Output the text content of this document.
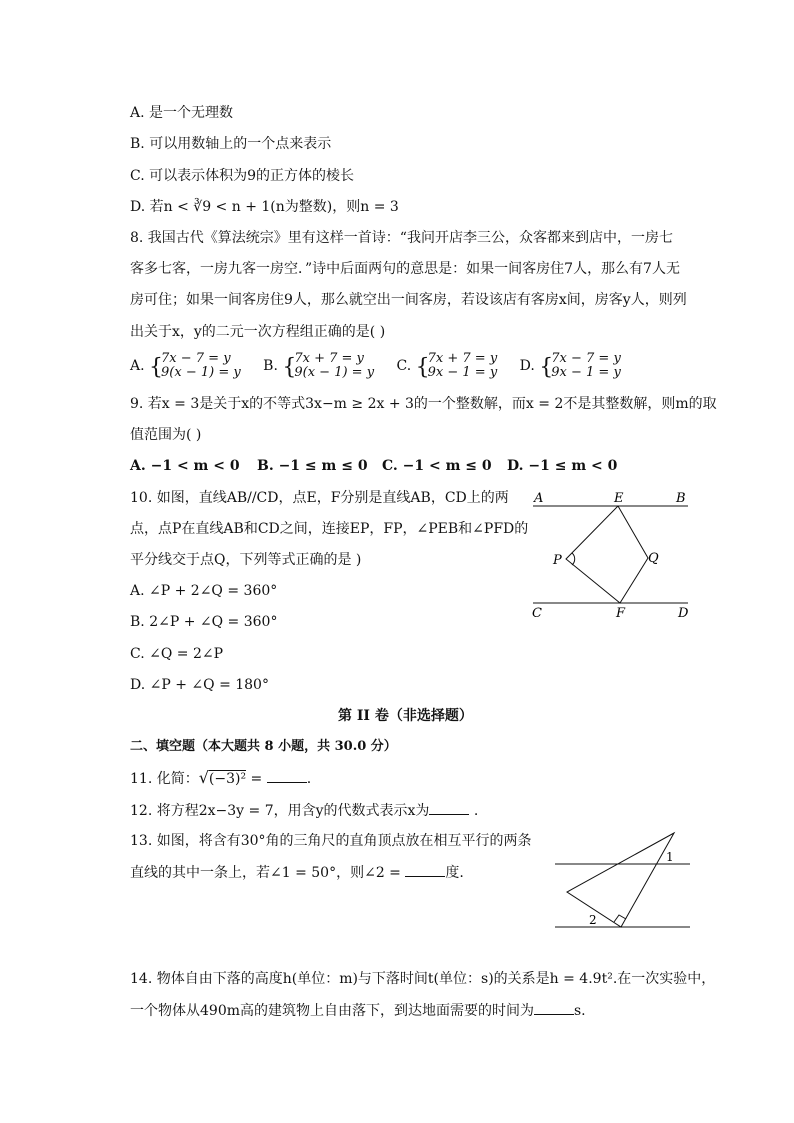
A. 是一个无理数
B. 可以用数轴上的一个点来表示
C. 可以表示体积为9的正方体的棱长
D. 若n < ∛9 < n + 1(n为整数)，则n = 3
8. 我国古代《算法统宗》里有这样一首诗：“我问开店李三公，众客都来到店中，一房七
客多七客，一房九客一房空．”诗中后面两句的意思是：如果一间客房住7人，那么有7人无
房可住；如果一间客房住9人，那么就空出一间客房，若设该店有客房x间，房客y人，则列
出关于x，y的二元一次方程组正确的是( )
A. {
7x − 7 = y
9(x − 1) = y B. {
7x + 7 = y
9(x − 1) = y C. {
7x + 7 = y
9x − 1 = y D. {
7x − 7 = y
9x − 1 = y
9. 若x = 3是关于x的不等式3x−m ≥ 2x + 3的一个整数解，而x = 2不是其整数解，则m的取
值范围为( )
A. −1 < m < 0 B. −1 ≤ m ≤ 0 C. −1 < m ≤ 0 D. −1 ≤ m < 0
10. 如图，直线AB//CD，点E，F分别是直线AB，CD上的两
点，点P在直线AB和CD之间，连接EP，FP，∠PEB和∠PFD的
平分线交于点Q，下列等式正确的是 )
A. ∠P + 2∠Q = 360°
B. 2∠P + ∠Q = 360°
C. ∠Q = 2∠P
D. ∠P + ∠Q = 180°
A	E	B
P	Q
C	F	D
第 II 卷（非选择题）
二、填空题（本大题共 8 小题，共 30.0 分）
11. 化简：√(−3)² =	.
12. 将方程2x−3y = 7，用含y的代数式表示x为	.
13. 如图，将含有30°角的三角尺的直角顶点放在相互平行的两条
直线的其中一条上，若∠1 = 50°，则∠2 =	度.
1
2
14. 物体自由下落的高度h(单位：m)与下落时间t(单位：s)的关系是h = 4.9t².在一次实验中，
一个物体从490m高的建筑物上自由落下，到达地面需要的时间为	s.
